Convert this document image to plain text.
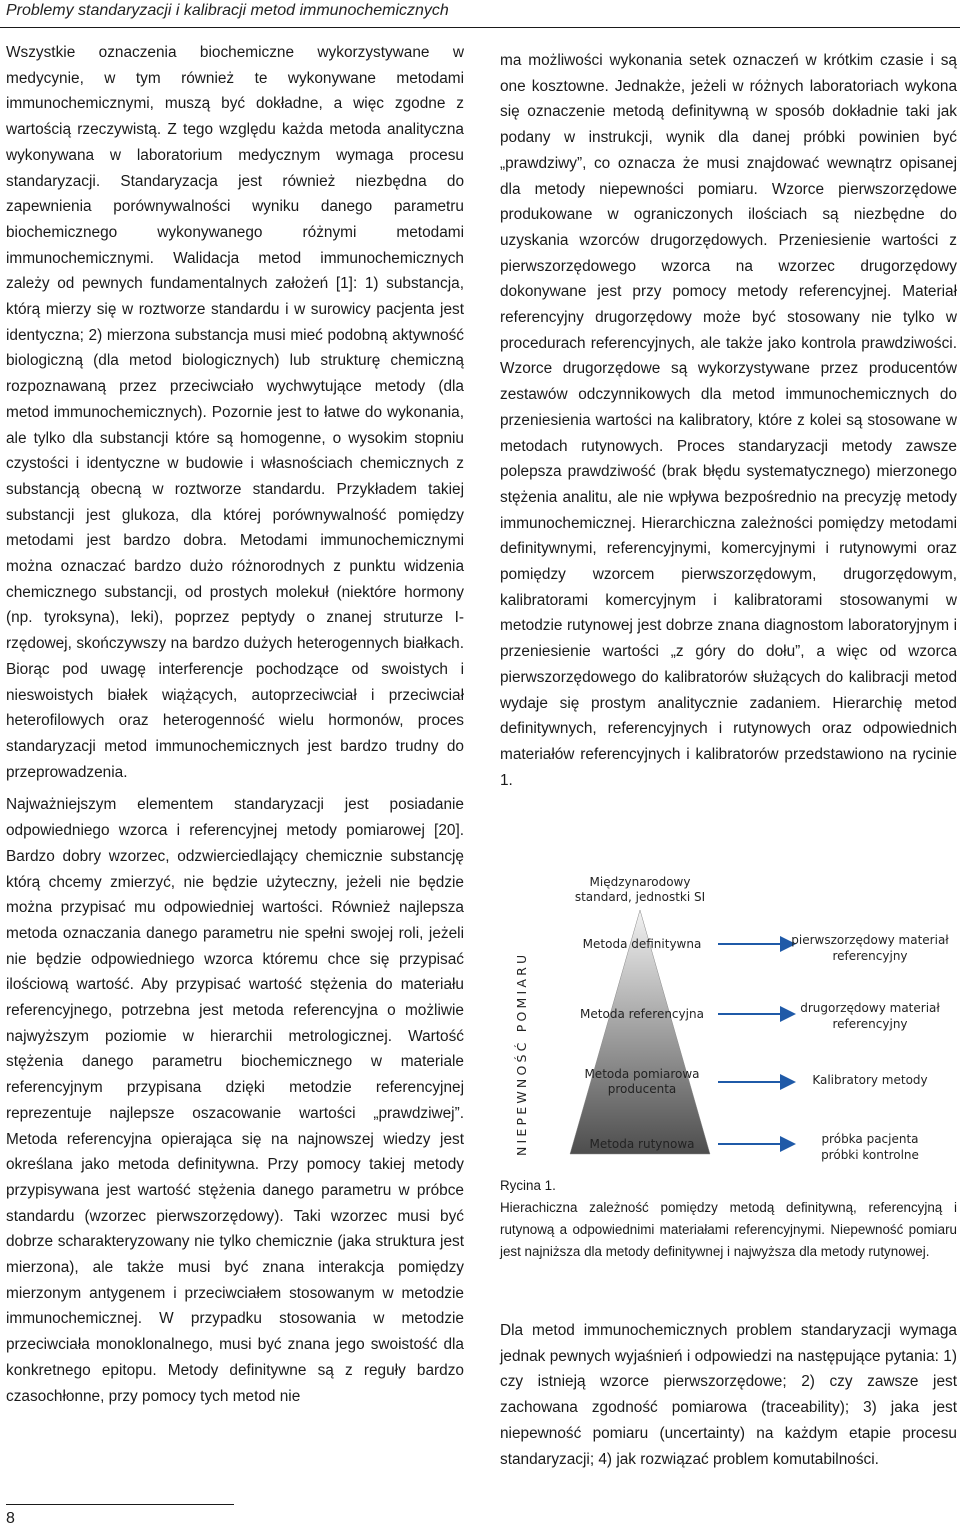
Problemy standaryzacji i kalibracji metod immunochemicznych

Wszystkie oznaczenia biochemiczne wykorzystywane w medycynie, w tym również te wykonywane metodami immunochemicznymi, muszą być dokładne, a więc zgodne z wartością rzeczywistą. Z tego względu każda metoda analityczna wykonywana w laboratorium medycznym wymaga procesu standaryzacji. Standaryzacja jest również niezbędna do zapewnienia porównywalności wyniku danego parametru biochemicznego wykonywanego różnymi metodami immunochemicznymi. Walidacja metod immunochemicznych zależy od pewnych fundamentalnych założeń [1]: 1) substancja, którą mierzy się w roztworze standardu i w surowicy pacjenta jest identyczna; 2) mierzona substancja musi mieć podobną aktywność biologiczną (dla metod biologicznych) lub strukturę chemiczną rozpoznawaną przez przeciwciało wychwytujące metody (dla metod immunochemicznych). Pozornie jest to łatwe do wykonania, ale tylko dla substancji które są homogenne, o wysokim stopniu czystości i identyczne w budowie i własnościach chemicznych z substancją obecną w roztworze standardu. Przykładem takiej substancji jest glukoza, dla której porównywalność pomiędzy metodami jest bardzo dobra. Metodami immunochemicznymi można oznaczać bardzo dużo różnorodnych z punktu widzenia chemicznego substancji, od prostych molekuł (niektóre hormony (np. tyroksyna), leki), poprzez peptydy o znanej struturze I-rzędowej, skończywszy na bardzo dużych heterogennych białkach. Biorąc pod uwagę interferencje pochodzące od swoistych i nieswoistych białek wiążących, autoprzeciwciał i przeciwciał heterofilowych oraz heterogenność wielu hormonów, proces standaryzacji metod immunochemicznych jest bardzo trudny do przeprowadzenia.

Najważniejszym elementem standaryzacji jest posiadanie odpowiedniego wzorca i referencyjnej metody pomiarowej [20]. Bardzo dobry wzorzec, odzwierciedlający chemicznie substancję którą chcemy zmierzyć, nie będzie użyteczny, jeżeli nie będzie można przypisać mu odpowiedniej wartości. Również najlepsza metoda oznaczania danego parametru nie spełni swojej roli, jeżeli nie będzie odpowiedniego wzorca któremu chce się przypisać ilościową wartość. Aby przypisać wartość stężenia do materiału referencyjnego, potrzebna jest metoda referencyjna o możliwie najwyższym poziomie w hierarchii metrologicznej. Wartość stężenia danego parametru biochemicznego w materiale referencyjnym przypisana dzięki metodzie referencyjnej reprezentuje najlepsze oszacowanie wartości „prawdziwej”. Metoda referencyjna opierająca się na najnowszej wiedzy jest określana jako metoda definitywna. Przy pomocy takiej metody przypisywana jest wartość stężenia danego parametru w próbce standardu (wzorzec pierwszorzędowy). Taki wzorzec musi być dobrze scharakteryzowany nie tylko chemicznie (jaka struktura jest mierzona), ale także musi być znana interakcja pomiędzy mierzonym antygenem i przeciwciałem stosowanym w metodzie immunochemicznej. W przypadku stosowania w metodzie przeciwciała monoklonalnego, musi być znana jego swoistość dla konkretnego epitopu. Metody definitywne są z reguły bardzo czasochłonne, przy pomocy tych metod nie

ma możliwości wykonania setek oznaczeń w krótkim czasie i są one kosztowne. Jednakże, jeżeli w różnych laboratoriach wykona się oznaczenie metodą definitywną w sposób dokładnie taki jak podany w instrukcji, wynik dla danej próbki powinien być „prawdziwy”, co oznacza że musi znajdować wewnątrz opisanej dla metody niepewności pomiaru. Wzorce pierwszorzędowe produkowane w ograniczonych ilościach są niezbędne do uzyskania wzorców drugorzędowych. Przeniesienie wartości z pierwszorzędowego wzorca na wzorzec drugorzędowy dokonywane jest przy pomocy metody referencyjnej. Materiał referencyjny drugorzędowy może być stosowany nie tylko w procedurach referencyjnych, ale także jako kontrola prawdziwości. Wzorce drugorzędowe są wykorzystywane przez producentów zestawów odczynnikowych dla metod immunochemicznych do przeniesienia wartości na kalibratory, które z kolei są stosowane w metodach rutynowych. Proces standaryzacji metody zawsze polepsza prawdziwość (brak błędu systematycznego) mierzonego stężenia analitu, ale nie wpływa bezpośrednio na precyzję metody immunochemicznej. Hierarchiczna zależności pomiędzy metodami definitywnymi, referencyjnymi, komercyjnymi i rutynowymi oraz pomiędzy wzorcem pierwszorzędowym, drugorzędowym, kalibratorami komercyjnym i kalibratorami stosowanymi w metodzie rutynowej jest dobrze znana diagnostom laboratoryjnym i przeniesienie wartości „z góry do dołu”, a więc od wzorca pierwszorzędowego do kalibratorów służących do kalibracji metod wydaje się prostym analitycznie zadaniem. Hierarchię metod definitywnych, referencyjnych i rutynowych oraz odpowiednich materiałów referencyjnych i kalibratorów przedstawiono na rycinie 1.

Międzynarodowy
standard, jednostki SI
NIEPEWNOŚĆ POMIARU
Metoda definitywna
Metoda referencyjna
Metoda pomiarowa
producenta
Metoda rutynowa
pierwszorzędowy materiał
referencyjny
drugorzędowy materiał
referencyjny
Kalibratory metody
próbka pacjenta
próbki kontrolne
Rycina 1.
Hierachiczna zależność pomiędzy metodą definitywną, referencyjną i rutynową a odpowiednimi materiałami referencyjnymi. Niepewność pomiaru jest najniższa dla metody definitywnej i najwyższa dla metody rutynowej.
Dla metod immunochemicznych problem standaryzacji wymaga jednak pewnych wyjaśnień i odpowiedzi na następujące pytania: 1) czy istnieją wzorce pierwszorzędowe; 2) czy zawsze jest zachowana zgodność pomiarowa (traceability); 3) jaka jest niepewność pomiaru (uncertainty) na każdym etapie procesu standaryzacji; 4) jak rozwiązać problem komutabilności.
8
